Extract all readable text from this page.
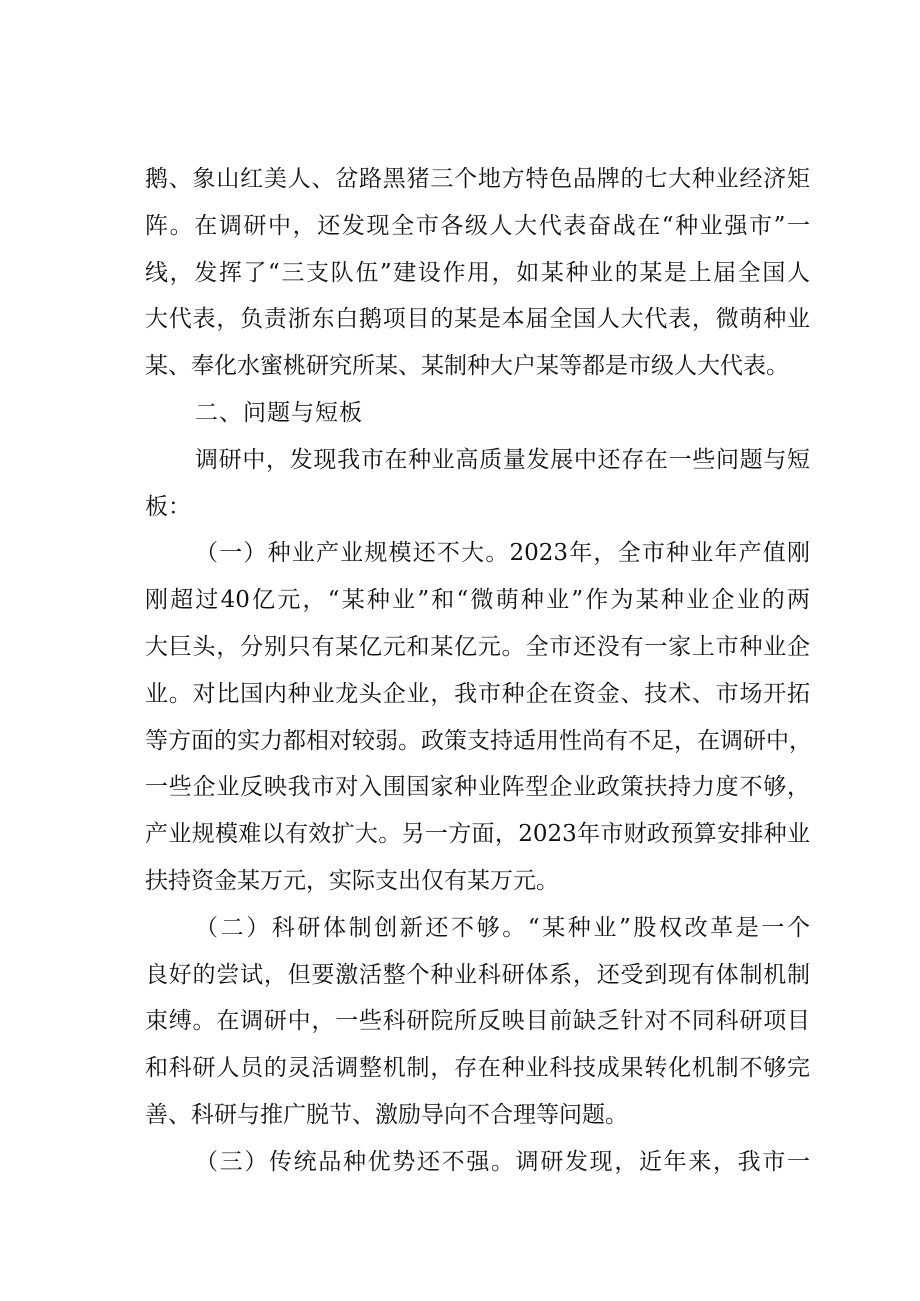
鹅、象山红美人、岔路黑猪三个地方特色品牌的七大种业经济矩
阵。在调研中，还发现全市各级人大代表奋战在“种业强市”一
线，发挥了“三支队伍”建设作用，如某种业的某是上届全国人
大代表，负责浙东白鹅项目的某是本届全国人大代表，微萌种业
某、奉化水蜜桃研究所某、某制种大户某等都是市级人大代表。
二、问题与短板
调研中，发现我市在种业高质量发展中还存在一些问题与短
板：
（一）种业产业规模还不大。2023年，全市种业年产值刚
刚超过40亿元，“某种业”和“微萌种业”作为某种业企业的两
大巨头，分别只有某亿元和某亿元。全市还没有一家上市种业企
业。对比国内种业龙头企业，我市种企在资金、技术、市场开拓
等方面的实力都相对较弱。政策支持适用性尚有不足，在调研中，
一些企业反映我市对入围国家种业阵型企业政策扶持力度不够，
产业规模难以有效扩大。另一方面，2023年市财政预算安排种业
扶持资金某万元，实际支出仅有某万元。
（二）科研体制创新还不够。“某种业”股权改革是一个
良好的尝试，但要激活整个种业科研体系，还受到现有体制机制
束缚。在调研中，一些科研院所反映目前缺乏针对不同科研项目
和科研人员的灵活调整机制，存在种业科技成果转化机制不够完
善、科研与推广脱节、激励导向不合理等问题。
（三）传统品种优势还不强。调研发现，近年来，我市一
